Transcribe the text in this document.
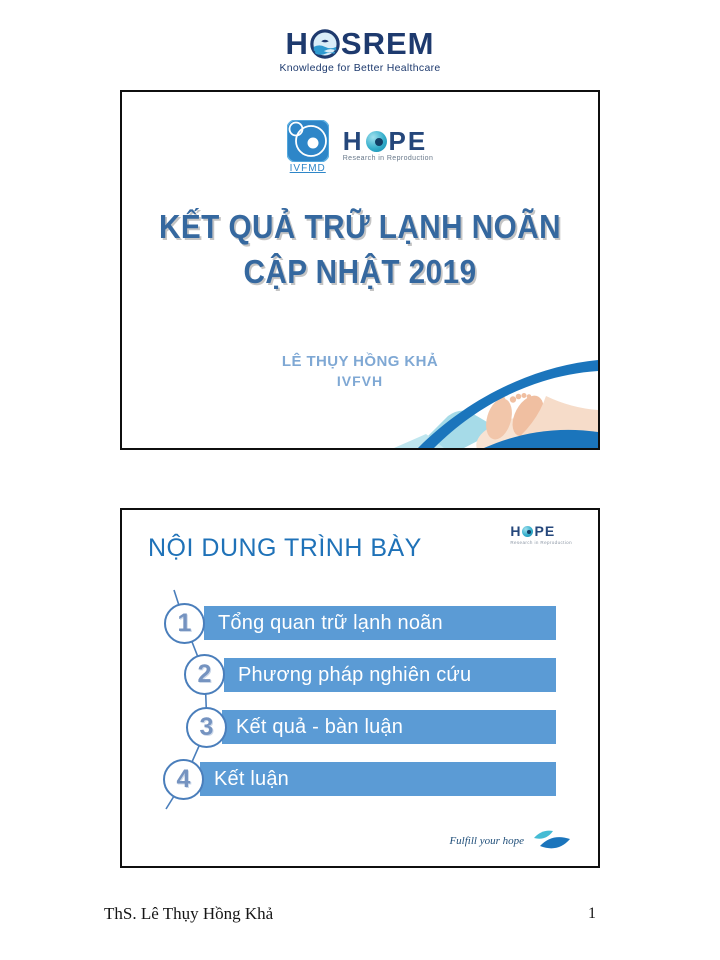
H SREM
Knowledge for Better Healthcare
IVFMD
H PE
Research in Reproduction
KẾT QUẢ TRỮ LẠNH NOÃN
CẬP NHẬT 2019
LÊ THỤY HỒNG KHẢ
IVFVH
NỘI DUNG TRÌNH BÀY
H PE
Research in Reproduction
1	Tổng quan trữ lạnh noãn
2	Phương pháp nghiên cứu
3	Kết quả - bàn luận
4	Kết luận
Fulfill your hope
ThS. Lê Thụy Hồng Khả	1
